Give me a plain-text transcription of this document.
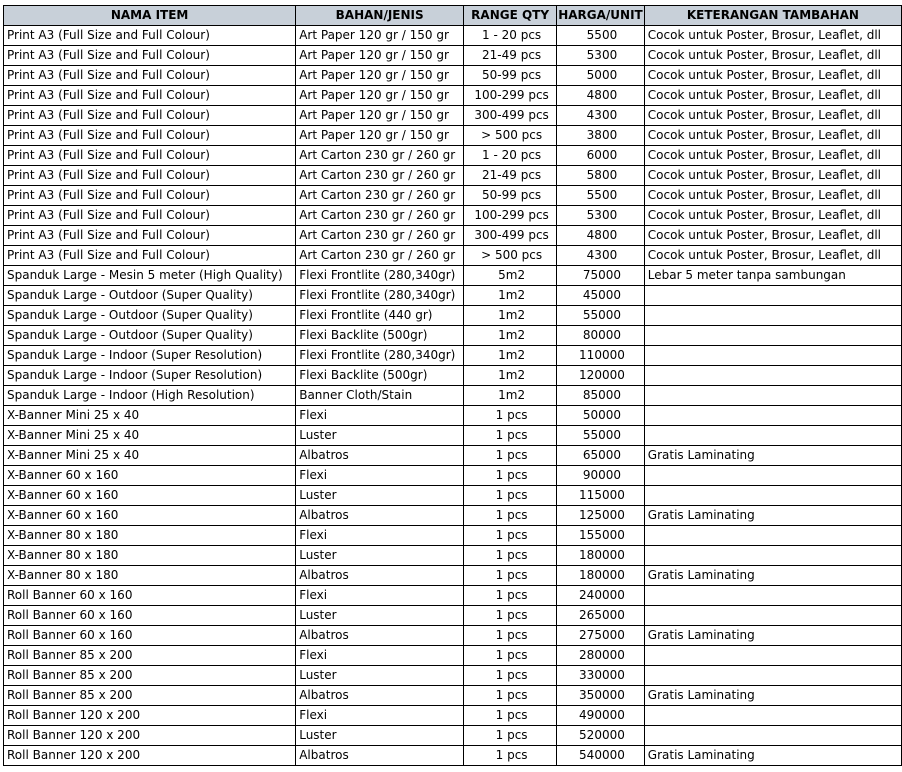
NAMA ITEM	BAHAN/JENIS	RANGE QTY	HARGA/UNIT	KETERANGAN TAMBAHAN
Print A3 (Full Size and Full Colour)	Art Paper 120 gr / 150 gr	1 - 20 pcs	5500	Cocok untuk Poster, Brosur, Leaflet, dll
Print A3 (Full Size and Full Colour)	Art Paper 120 gr / 150 gr	21-49 pcs	5300	Cocok untuk Poster, Brosur, Leaflet, dll
Print A3 (Full Size and Full Colour)	Art Paper 120 gr / 150 gr	50-99 pcs	5000	Cocok untuk Poster, Brosur, Leaflet, dll
Print A3 (Full Size and Full Colour)	Art Paper 120 gr / 150 gr	100-299 pcs	4800	Cocok untuk Poster, Brosur, Leaflet, dll
Print A3 (Full Size and Full Colour)	Art Paper 120 gr / 150 gr	300-499 pcs	4300	Cocok untuk Poster, Brosur, Leaflet, dll
Print A3 (Full Size and Full Colour)	Art Paper 120 gr / 150 gr	> 500 pcs	3800	Cocok untuk Poster, Brosur, Leaflet, dll
Print A3 (Full Size and Full Colour)	Art Carton 230 gr / 260 gr	1 - 20 pcs	6000	Cocok untuk Poster, Brosur, Leaflet, dll
Print A3 (Full Size and Full Colour)	Art Carton 230 gr / 260 gr	21-49 pcs	5800	Cocok untuk Poster, Brosur, Leaflet, dll
Print A3 (Full Size and Full Colour)	Art Carton 230 gr / 260 gr	50-99 pcs	5500	Cocok untuk Poster, Brosur, Leaflet, dll
Print A3 (Full Size and Full Colour)	Art Carton 230 gr / 260 gr	100-299 pcs	5300	Cocok untuk Poster, Brosur, Leaflet, dll
Print A3 (Full Size and Full Colour)	Art Carton 230 gr / 260 gr	300-499 pcs	4800	Cocok untuk Poster, Brosur, Leaflet, dll
Print A3 (Full Size and Full Colour)	Art Carton 230 gr / 260 gr	> 500 pcs	4300	Cocok untuk Poster, Brosur, Leaflet, dll
Spanduk Large - Mesin 5 meter (High Quality)	Flexi Frontlite (280,340gr)	5m2	75000	Lebar 5 meter tanpa sambungan
Spanduk Large - Outdoor (Super Quality)	Flexi Frontlite (280,340gr)	1m2	45000	
Spanduk Large - Outdoor (Super Quality)	Flexi Frontlite (440 gr)	1m2	55000	
Spanduk Large - Outdoor (Super Quality)	Flexi Backlite (500gr)	1m2	80000	
Spanduk Large - Indoor (Super Resolution)	Flexi Frontlite (280,340gr)	1m2	110000	
Spanduk Large - Indoor (Super Resolution)	Flexi Backlite (500gr)	1m2	120000	
Spanduk Large - Indoor (High Resolution)	Banner Cloth/Stain	1m2	85000	
X-Banner Mini 25 x 40	Flexi	1 pcs	50000	
X-Banner Mini 25 x 40	Luster	1 pcs	55000	
X-Banner Mini 25 x 40	Albatros	1 pcs	65000	Gratis Laminating
X-Banner 60 x 160	Flexi	1 pcs	90000	
X-Banner 60 x 160	Luster	1 pcs	115000	
X-Banner 60 x 160	Albatros	1 pcs	125000	Gratis Laminating
X-Banner 80 x 180	Flexi	1 pcs	155000	
X-Banner 80 x 180	Luster	1 pcs	180000	
X-Banner 80 x 180	Albatros	1 pcs	180000	Gratis Laminating
Roll Banner 60 x 160	Flexi	1 pcs	240000	
Roll Banner 60 x 160	Luster	1 pcs	265000	
Roll Banner 60 x 160	Albatros	1 pcs	275000	Gratis Laminating
Roll Banner 85 x 200	Flexi	1 pcs	280000	
Roll Banner 85 x 200	Luster	1 pcs	330000	
Roll Banner 85 x 200	Albatros	1 pcs	350000	Gratis Laminating
Roll Banner 120 x 200	Flexi	1 pcs	490000	
Roll Banner 120 x 200	Luster	1 pcs	520000	
Roll Banner 120 x 200	Albatros	1 pcs	540000	Gratis Laminating
